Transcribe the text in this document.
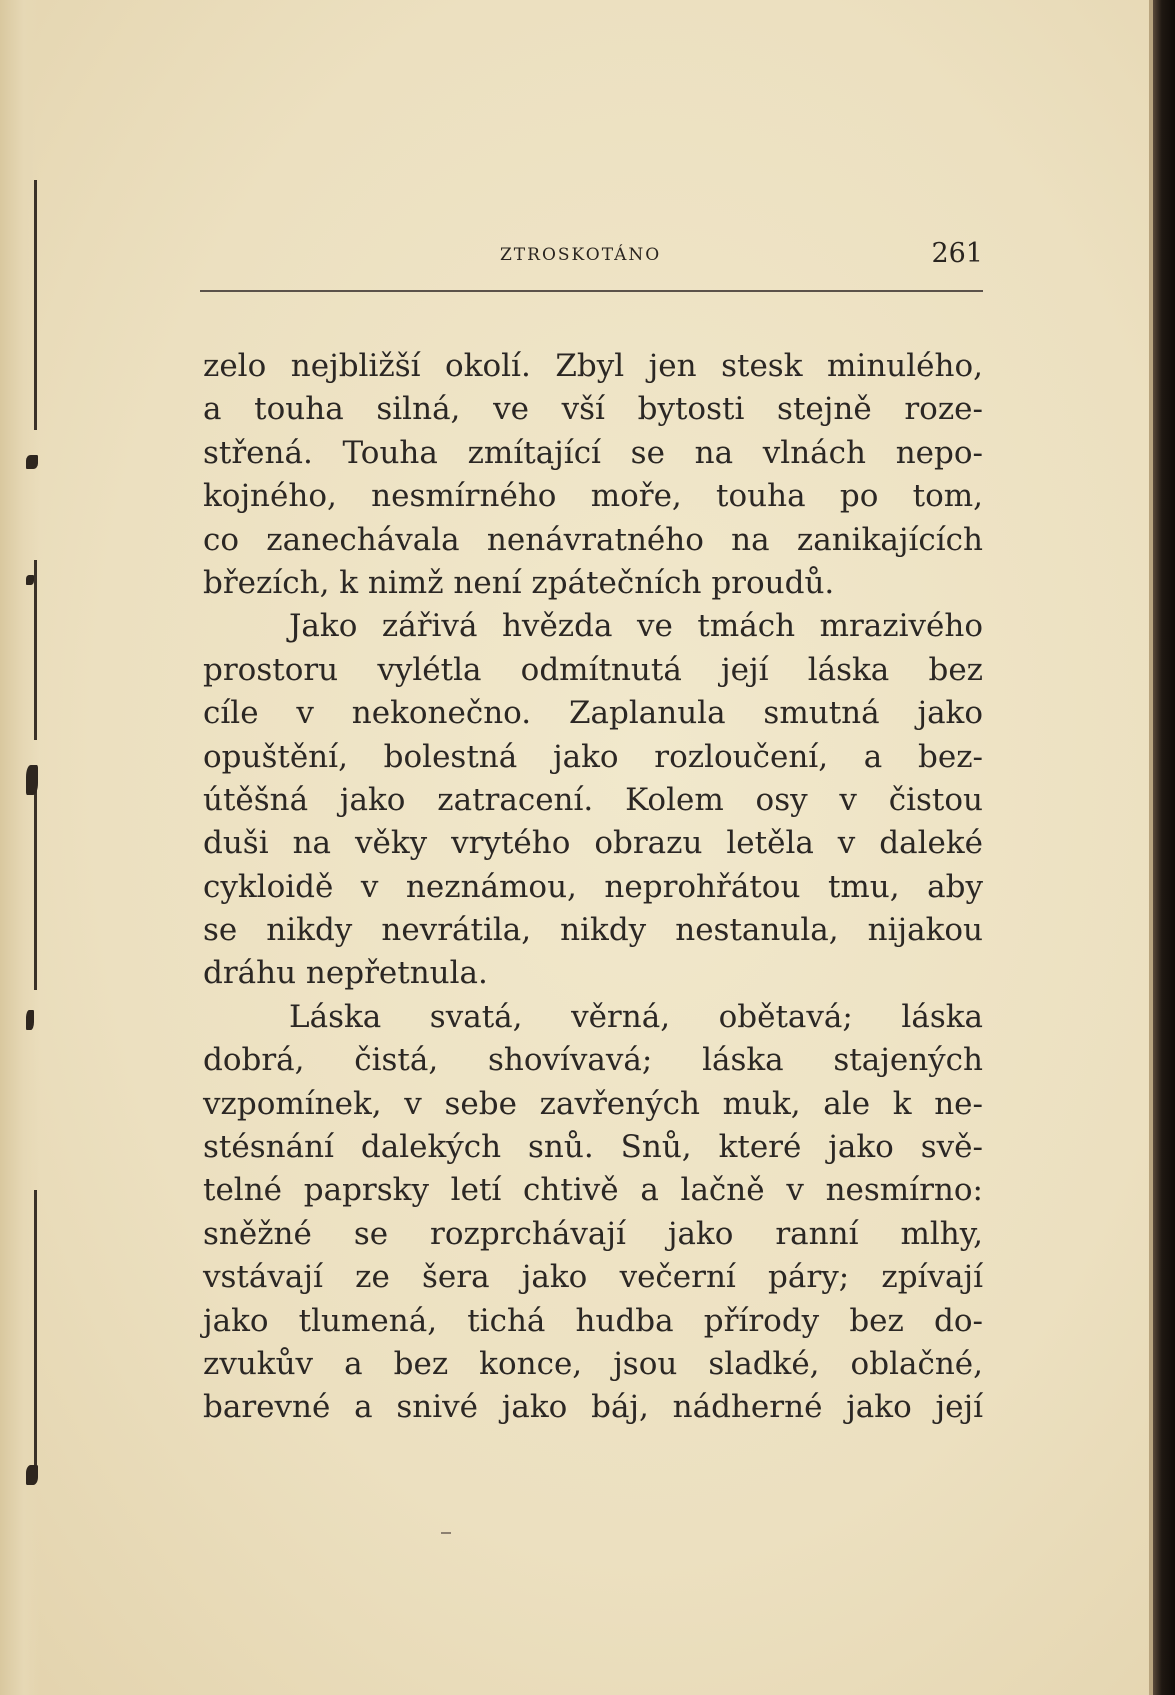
ZTROSKOTÁNO	261
zelo nejbližší okolí. Zbyl jen stesk minulého,
a touha silná, ve vší bytosti stejně roze-
střená. Touha zmítající se na vlnách nepo-
kojného, nesmírného moře, touha po tom,
co zanechávala nenávratného na zanikajících
březích, k nimž není zpátečních proudů.
Jako zářivá hvězda ve tmách mrazivého
prostoru vylétla odmítnutá její láska bez
cíle v nekonečno. Zaplanula smutná jako
opuštění, bolestná jako rozloučení, a bez-
útěšná jako zatracení. Kolem osy v čistou
duši na věky vrytého obrazu letěla v daleké
cykloidě v neznámou, neprohřátou tmu, aby
se nikdy nevrátila, nikdy nestanula, nijakou
dráhu nepřetnula.
Láska svatá, věrná, obětavá; láska
dobrá, čistá, shovívavá; láska stajených
vzpomínek, v sebe zavřených muk, ale k ne-
stésnání dalekých snů. Snů, které jako svě-
telné paprsky letí chtivě a lačně v nesmírno:
sněžné se rozprchávají jako ranní mlhy,
vstávají ze šera jako večerní páry; zpívají
jako tlumená, tichá hudba přírody bez do-
zvukův a bez konce, jsou sladké, oblačné,
barevné a snivé jako báj, nádherné jako její
